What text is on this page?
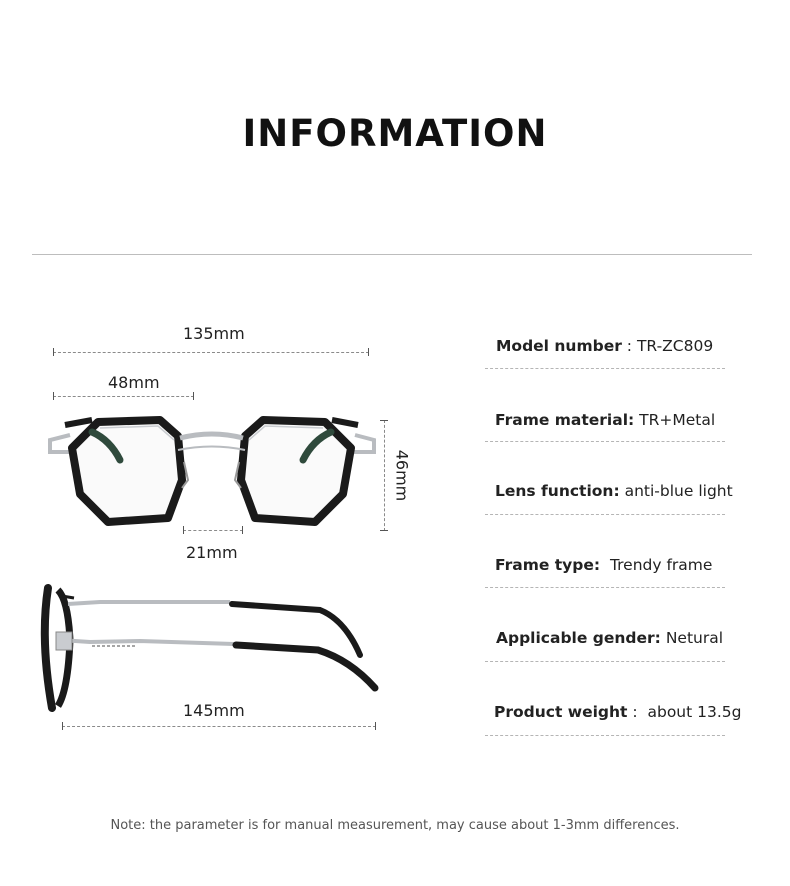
INFORMATION
135mm
48mm
46mm
21mm
145mm
Model number : TR-ZC809
Frame material: TR+Metal
Lens function: anti-blue light
Frame type: Trendy frame
Applicable gender: Netural
Product weight :  about 13.5g
Note: the parameter is for manual measurement, may cause about 1-3mm differences.
